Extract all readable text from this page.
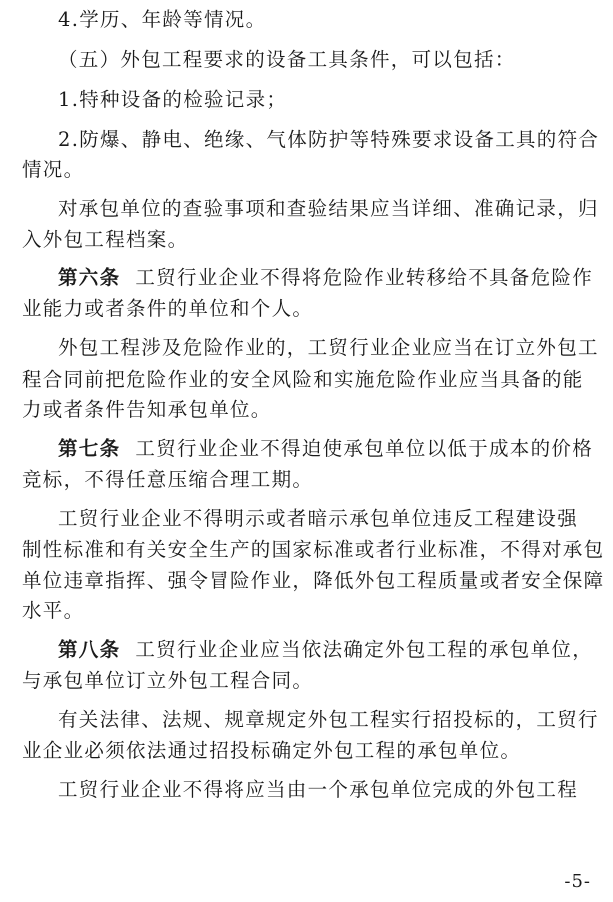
4.学历、年龄等情况。
（五）外包工程要求的设备工具条件，可以包括：
1.特种设备的检验记录；
2.防爆、静电、绝缘、气体防护等特殊要求设备工具的符合
情况。
对承包单位的查验事项和查验结果应当详细、准确记录，归
入外包工程档案。
第六条 工贸行业企业不得将危险作业转移给不具备危险作
业能力或者条件的单位和个人。
外包工程涉及危险作业的，工贸行业企业应当在订立外包工
程合同前把危险作业的安全风险和实施危险作业应当具备的能
力或者条件告知承包单位。
第七条 工贸行业企业不得迫使承包单位以低于成本的价格
竞标，不得任意压缩合理工期。
工贸行业企业不得明示或者暗示承包单位违反工程建设强
制性标准和有关安全生产的国家标准或者行业标准，不得对承包
单位违章指挥、强令冒险作业，降低外包工程质量或者安全保障
水平。
第八条 工贸行业企业应当依法确定外包工程的承包单位，
与承包单位订立外包工程合同。
有关法律、法规、规章规定外包工程实行招投标的，工贸行
业企业必须依法通过招投标确定外包工程的承包单位。
工贸行业企业不得将应当由一个承包单位完成的外包工程
-5-
